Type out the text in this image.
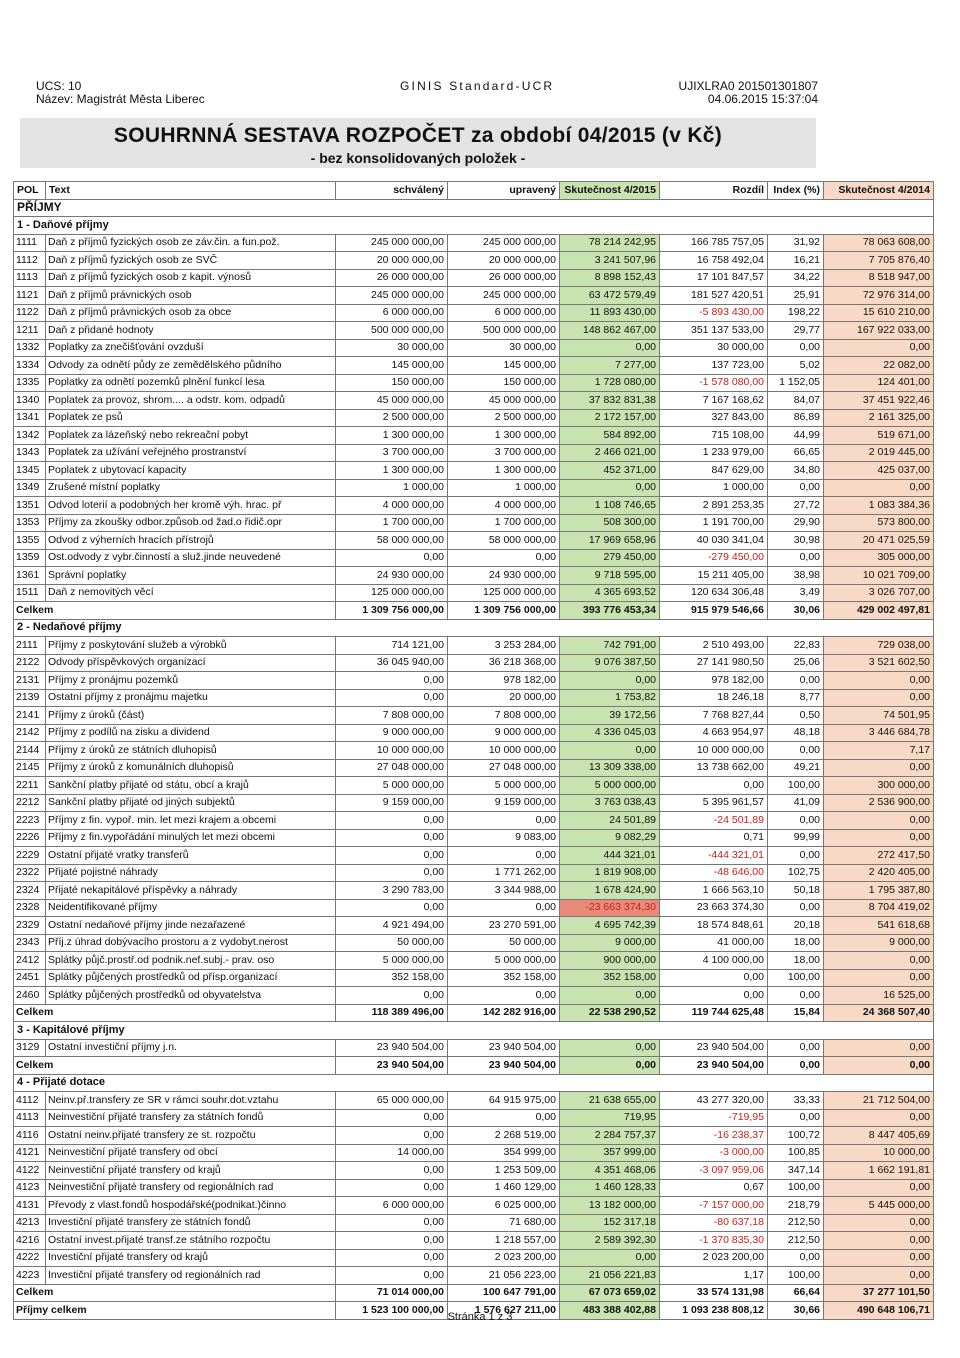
UCS: 10
Název: Magistrát Města Liberec
GINIS Standard-UCR	UJIXLRA0 201501301807
04.06.2015 15:37:04
SOUHRNNÁ SESTAVA ROZPOČET za období 04/2015 (v Kč)
- bez konsolidovaných položek -
POL	Text	schválený	upravený	Skutečnost 4/2015	Rozdíl	Index (%)	Skutečnost 4/2014
PŘÍJMY							
1 - Daňové příjmy							
1111	Daň z příjmů fyzických osob ze záv.čin. a fun.pož.	245 000 000,00	245 000 000,00	78 214 242,95	166 785 757,05	31,92	78 063 608,00
1112	Daň z příjmů fyzických osob ze SVČ	20 000 000,00	20 000 000,00	3 241 507,96	16 758 492,04	16,21	7 705 876,40
1113	Daň z příjmů fyzických osob z kapit. výnosů	26 000 000,00	26 000 000,00	8 898 152,43	17 101 847,57	34,22	8 518 947,00
1121	Daň z příjmů právnických osob	245 000 000,00	245 000 000,00	63 472 579,49	181 527 420,51	25,91	72 976 314,00
1122	Daň z příjmů právnických osob za obce	6 000 000,00	6 000 000,00	11 893 430,00	-5 893 430,00	198,22	15 610 210,00
1211	Daň z přidané hodnoty	500 000 000,00	500 000 000,00	148 862 467,00	351 137 533,00	29,77	167 922 033,00
1332	Poplatky za znečišťování ovzduší	30 000,00	30 000,00	0,00	30 000,00	0,00	0,00
1334	Odvody za odnětí půdy ze zemědělského půdního	145 000,00	145 000,00	7 277,00	137 723,00	5,02	22 082,00
1335	Poplatky za odnětí pozemků plnění funkcí lesa	150 000,00	150 000,00	1 728 080,00	-1 578 080,00	1 152,05	124 401,00
1340	Poplatek za provoz, shrom.... a odstr. kom. odpadů	45 000 000,00	45 000 000,00	37 832 831,38	7 167 168,62	84,07	37 451 922,46
1341	Poplatek ze psů	2 500 000,00	2 500 000,00	2 172 157,00	327 843,00	86,89	2 161 325,00
1342	Poplatek za lázeňský nebo rekreační pobyt	1 300 000,00	1 300 000,00	584 892,00	715 108,00	44,99	519 671,00
1343	Poplatek za užívání veřejného prostranství	3 700 000,00	3 700 000,00	2 466 021,00	1 233 979,00	66,65	2 019 445,00
1345	Poplatek z ubytovací kapacity	1 300 000,00	1 300 000,00	452 371,00	847 629,00	34,80	425 037,00
1349	Zrušené místní poplatky	1 000,00	1 000,00	0,00	1 000,00	0,00	0,00
1351	Odvod loterií a podobných her kromě výh. hrac. př	4 000 000,00	4 000 000,00	1 108 746,65	2 891 253,35	27,72	1 083 384,36
1353	Příjmy za zkoušky odbor.způsob.od žad.o řidič.opr	1 700 000,00	1 700 000,00	508 300,00	1 191 700,00	29,90	573 800,00
1355	Odvod z výherních hracích přístrojů	58 000 000,00	58 000 000,00	17 969 658,96	40 030 341,04	30,98	20 471 025,59
1359	Ost.odvody z vybr.činností a služ.jinde neuvedené	0,00	0,00	279 450,00	-279 450,00	0,00	305 000,00
1361	Správní poplatky	24 930 000,00	24 930 000,00	9 718 595,00	15 211 405,00	38,98	10 021 709,00
1511	Daň z nemovitých věcí	125 000 000,00	125 000 000,00	4 365 693,52	120 634 306,48	3,49	3 026 707,00
Celkem		1 309 756 000,00	1 309 756 000,00	393 776 453,34	915 979 546,66	30,06	429 002 497,81
2 - Nedaňové příjmy							
2111	Příjmy z poskytování služeb a výrobků	714 121,00	3 253 284,00	742 791,00	2 510 493,00	22,83	729 038,00
2122	Odvody příspěvkových organizací	36 045 940,00	36 218 368,00	9 076 387,50	27 141 980,50	25,06	3 521 602,50
2131	Příjmy z pronájmu pozemků	0,00	978 182,00	0,00	978 182,00	0,00	0,00
2139	Ostatní příjmy z pronájmu majetku	0,00	20 000,00	1 753,82	18 246,18	8,77	0,00
2141	Příjmy z úroků (část)	7 808 000,00	7 808 000,00	39 172,56	7 768 827,44	0,50	74 501,95
2142	Příjmy z podílů na zisku a dividend	9 000 000,00	9 000 000,00	4 336 045,03	4 663 954,97	48,18	3 446 684,78
2144	Příjmy z úroků ze státních dluhopisů	10 000 000,00	10 000 000,00	0,00	10 000 000,00	0,00	7,17
2145	Příjmy z úroků z komunálních dluhopisů	27 048 000,00	27 048 000,00	13 309 338,00	13 738 662,00	49,21	0,00
2211	Sankční platby přijaté od státu, obcí a krajů	5 000 000,00	5 000 000,00	5 000 000,00	0,00	100,00	300 000,00
2212	Sankční platby přijaté od jiných subjektů	9 159 000,00	9 159 000,00	3 763 038,43	5 395 961,57	41,09	2 536 900,00
2223	Příjmy z fin. vypoř. min. let mezi krajem a obcemi	0,00	0,00	24 501,89	-24 501,89	0,00	0,00
2226	Příjmy z fin.vypořádání minulých let mezi obcemi	0,00	9 083,00	9 082,29	0,71	99,99	0,00
2229	Ostatní přijaté vratky transferů	0,00	0,00	444 321,01	-444 321,01	0,00	272 417,50
2322	Přijaté pojistné náhrady	0,00	1 771 262,00	1 819 908,00	-48 646,00	102,75	2 420 405,00
2324	Přijaté nekapitálové příspěvky a náhrady	3 290 783,00	3 344 988,00	1 678 424,90	1 666 563,10	50,18	1 795 387,80
2328	Neidentifikované příjmy	0,00	0,00	-23 663 374,30	23 663 374,30	0,00	8 704 419,02
2329	Ostatní nedaňové příjmy jinde nezařazené	4 921 494,00	23 270 591,00	4 695 742,39	18 574 848,61	20,18	541 618,68
2343	Příj.z úhrad dobývacího prostoru a z vydobyt.nerost	50 000,00	50 000,00	9 000,00	41 000,00	18,00	9 000,00
2412	Splátky půjč.prostř.od podnik.nef.subj.- prav. oso	5 000 000,00	5 000 000,00	900 000,00	4 100 000,00	18,00	0,00
2451	Splátky půjčených prostředků od přísp.organizací	352 158,00	352 158,00	352 158,00	0,00	100,00	0,00
2460	Splátky půjčených prostředků od obyvatelstva	0,00	0,00	0,00	0,00	0,00	16 525,00
Celkem		118 389 496,00	142 282 916,00	22 538 290,52	119 744 625,48	15,84	24 368 507,40
3 - Kapitálové příjmy							
3129	Ostatní investiční příjmy j.n.	23 940 504,00	23 940 504,00	0,00	23 940 504,00	0,00	0,00
Celkem		23 940 504,00	23 940 504,00	0,00	23 940 504,00	0,00	0,00
4 - Přijaté dotace							
4112	Neinv.př.transfery ze SR v rámci souhr.dot.vztahu	65 000 000,00	64 915 975,00	21 638 655,00	43 277 320,00	33,33	21 712 504,00
4113	Neinvestiční přijaté transfery za státních fondů	0,00	0,00	719,95	-719,95	0,00	0,00
4116	Ostatní neinv.přijaté transfery ze st. rozpočtu	0,00	2 268 519,00	2 284 757,37	-16 238,37	100,72	8 447 405,69
4121	Neinvestiční přijaté transfery od obcí	14 000,00	354 999,00	357 999,00	-3 000,00	100,85	10 000,00
4122	Neinvestiční přijaté transfery od krajů	0,00	1 253 509,00	4 351 468,06	-3 097 959,06	347,14	1 662 191,81
4123	Neinvestiční přijaté transfery od regionálních rad	0,00	1 460 129,00	1 460 128,33	0,67	100,00	0,00
4131	Převody z vlast.fondů hospodářské(podnikat.)činno	6 000 000,00	6 025 000,00	13 182 000,00	-7 157 000,00	218,79	5 445 000,00
4213	Investiční přijaté transfery ze státních fondů	0,00	71 680,00	152 317,18	-80 637,18	212,50	0,00
4216	Ostatní invest.přijaté transf.ze státního rozpočtu	0,00	1 218 557,00	2 589 392,30	-1 370 835,30	212,50	0,00
4222	Investiční přijaté transfery od krajů	0,00	2 023 200,00	0,00	2 023 200,00	0,00	0,00
4223	Investiční přijaté transfery od regionálních rad	0,00	21 056 223,00	21 056 221,83	1,17	100,00	0,00
Celkem		71 014 000,00	100 647 791,00	67 073 659,02	33 574 131,98	66,64	37 277 101,50
Příjmy celkem		1 523 100 000,00	1 576 627 211,00	483 388 402,88	1 093 238 808,12	30,66	490 648 106,71
Stránka 1 z 3
